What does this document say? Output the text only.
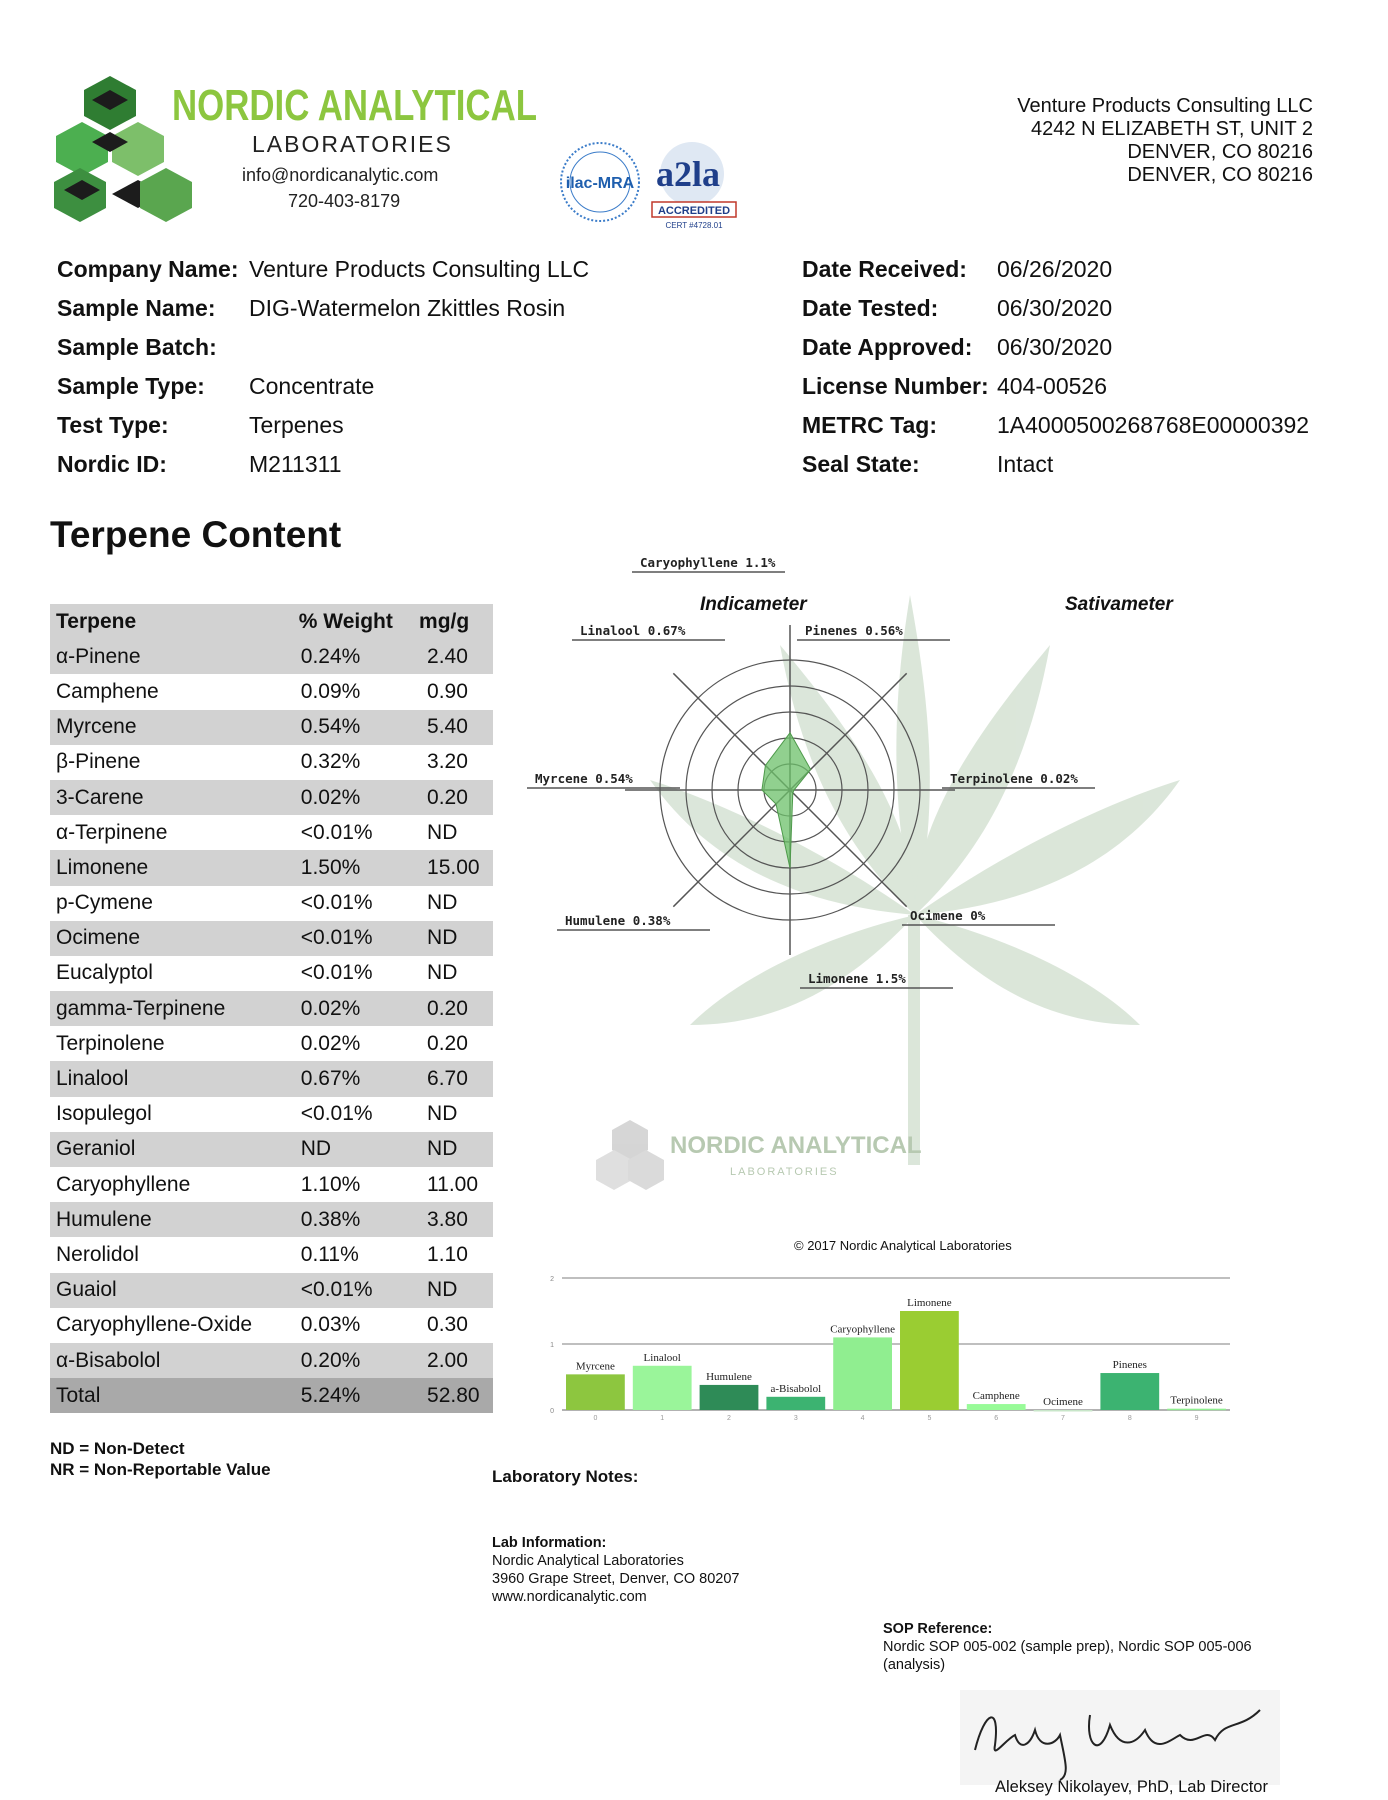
NORDIC ANALYTICAL
LABORATORIES
info@nordicanalytic.com
720-403-8179
ilac-MRA a2la
ACCREDITED
CERT #4728.01
Venture Products Consulting LLC
4242 N ELIZABETH ST, UNIT 2
DENVER, CO 80216
DENVER, CO 80216
Company Name: Venture Products Consulting LLC
Sample Name:	DIG-Watermelon Zkittles Rosin
Sample Batch:
Sample Type:	Concentrate
Test Type:	Terpenes
Nordic ID:	M211311
Date Received:	06/26/2020
Date Tested:	06/30/2020
Date Approved:	06/30/2020
License Number: 404-00526
METRC Tag:	1A4000500268768E00000392
Seal State:	Intact
Terpene Content
Terpene	% Weight	mg/g
α-Pinene	0.24%	2.40
Camphene	0.09%	0.90
Myrcene	0.54%	5.40
β-Pinene	0.32%	3.20
3-Carene	0.02%	0.20
α-Terpinene	<0.01%	ND
Limonene	1.50%	15.00
p-Cymene	<0.01%	ND
Ocimene	<0.01%	ND
Eucalyptol	<0.01%	ND
gamma-Terpinene	0.02%	0.20
Terpinolene	0.02%	0.20
Linalool	0.67%	6.70
Isopulegol	<0.01%	ND
Geraniol	ND	ND
Caryophyllene	1.10%	11.00
Humulene	0.38%	3.80
Nerolidol	0.11%	1.10
Guaiol	<0.01%	ND
Caryophyllene-Oxide	0.03%	0.30
α-Bisabolol	0.20%	2.00
Total	5.24%	52.80
ND = Non-Detect
NR = Non-Reportable Value
Indicameter	Sativameter
Caryophyllene 1.1%
Pinenes 0.56%
Terpinolene 0.02%
Ocimene 0%
Limonene 1.5%
Humulene 0.38%
Myrcene 0.54%
Linalool 0.67%
NORDIC ANALYTICAL
LABORATORIES
© 2017 Nordic Analytical Laboratories
0
1
2
Myrcene
0
Linalool
1
Humulene
2
a-Bisabolol
3
Caryophyllene
4
Limonene
5
Camphene
6
Ocimene
7
Pinenes
8
Terpinolene
9
Laboratory Notes:
Lab Information:
Nordic Analytical Laboratories
3960 Grape Street, Denver, CO 80207
www.nordicanalytic.com
SOP Reference:
Nordic SOP 005-002 (sample prep), Nordic SOP 005-006 (analysis)
Aleksey Nikolayev, PhD, Lab Director
